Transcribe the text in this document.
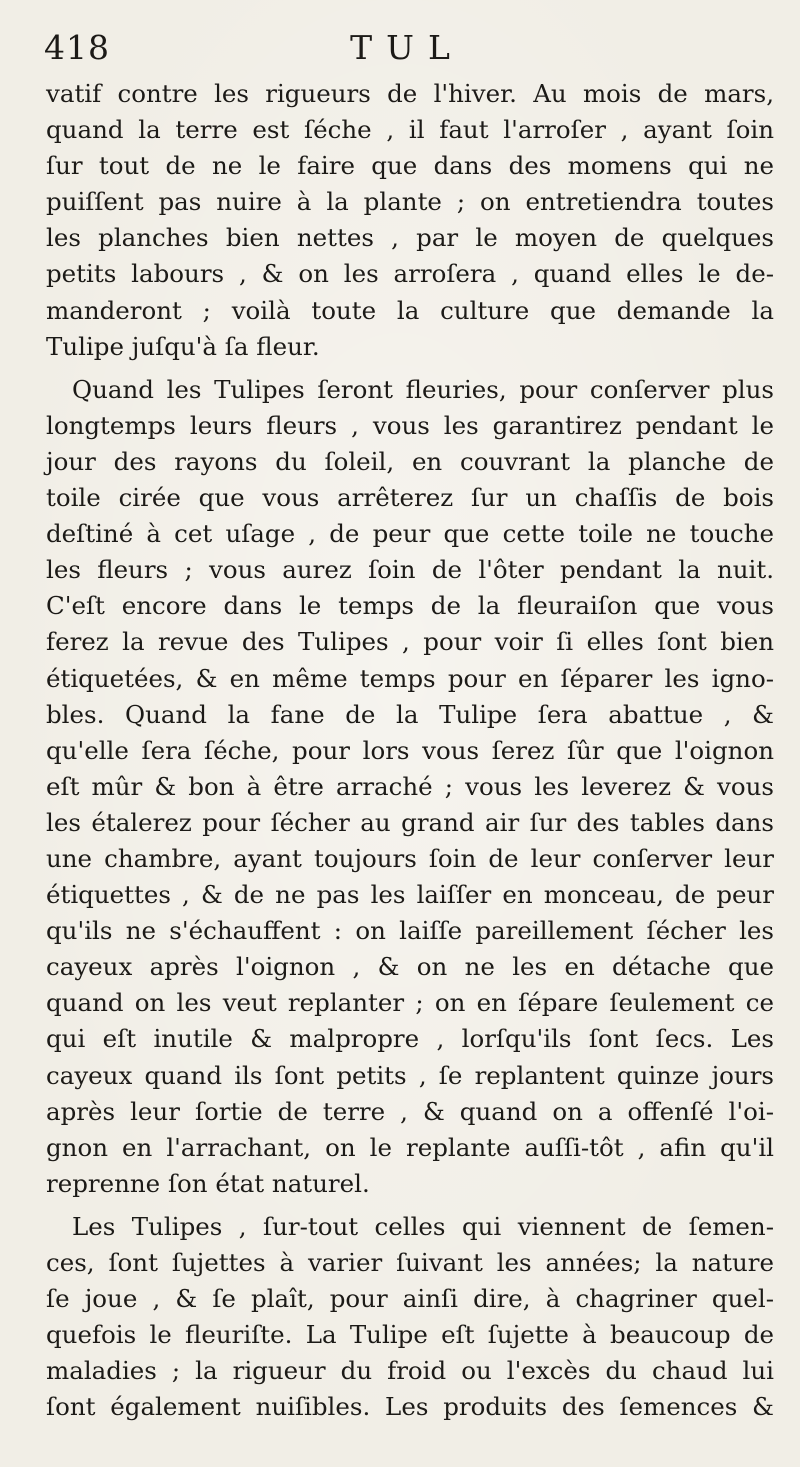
418	TUL
vatif contre les rigueurs de l'hiver. Au mois de mars,
quand la terre est ſéche , il faut l'arroſer , ayant ſoin
ſur tout de ne le faire que dans des momens qui ne
puiſſent pas nuire à la plante ; on entretiendra toutes
les planches bien nettes , par le moyen de quelques
petits labours , & on les arroſera , quand elles le de-
manderont ; voilà toute la culture que demande la
Tulipe juſqu'à ſa fleur.
Quand les Tulipes ſeront fleuries, pour conſerver plus
longtemps leurs fleurs , vous les garantirez pendant le
jour des rayons du ſoleil, en couvrant la planche de
toile cirée que vous arrêterez ſur un chaſſis de bois
deſtiné à cet uſage , de peur que cette toile ne touche
les fleurs ; vous aurez ſoin de l'ôter pendant la nuit.
C'eſt encore dans le temps de la fleuraiſon que vous
ferez la revue des Tulipes , pour voir ſi elles ſont bien
étiquetées, & en même temps pour en ſéparer les igno-
bles. Quand la fane de la Tulipe ſera abattue , &
qu'elle ſera ſéche, pour lors vous ſerez ſûr que l'oignon
eſt mûr & bon à être arraché ; vous les leverez & vous
les étalerez pour ſécher au grand air ſur des tables dans
une chambre, ayant toujours ſoin de leur conſerver leur
étiquettes , & de ne pas les laiſſer en monceau, de peur
qu'ils ne s'échauffent : on laiſſe pareillement ſécher les
cayeux après l'oignon , & on ne les en détache que
quand on les veut replanter ; on en ſépare ſeulement ce
qui eſt inutile & malpropre , lorſqu'ils ſont ſecs. Les
cayeux quand ils ſont petits , ſe replantent quinze jours
après leur ſortie de terre , & quand on a offenſé l'oi-
gnon en l'arrachant, on le replante auſſi-tôt , afin qu'il
reprenne ſon état naturel.
Les Tulipes , ſur-tout celles qui viennent de ſemen-
ces, ſont ſujettes à varier ſuivant les années; la nature
ſe joue , & ſe plaît, pour ainſi dire, à chagriner quel-
quefois le fleuriſte. La Tulipe eſt ſujette à beaucoup de
maladies ; la rigueur du froid ou l'excès du chaud lui
ſont également nuiſibles. Les produits des ſemences &
